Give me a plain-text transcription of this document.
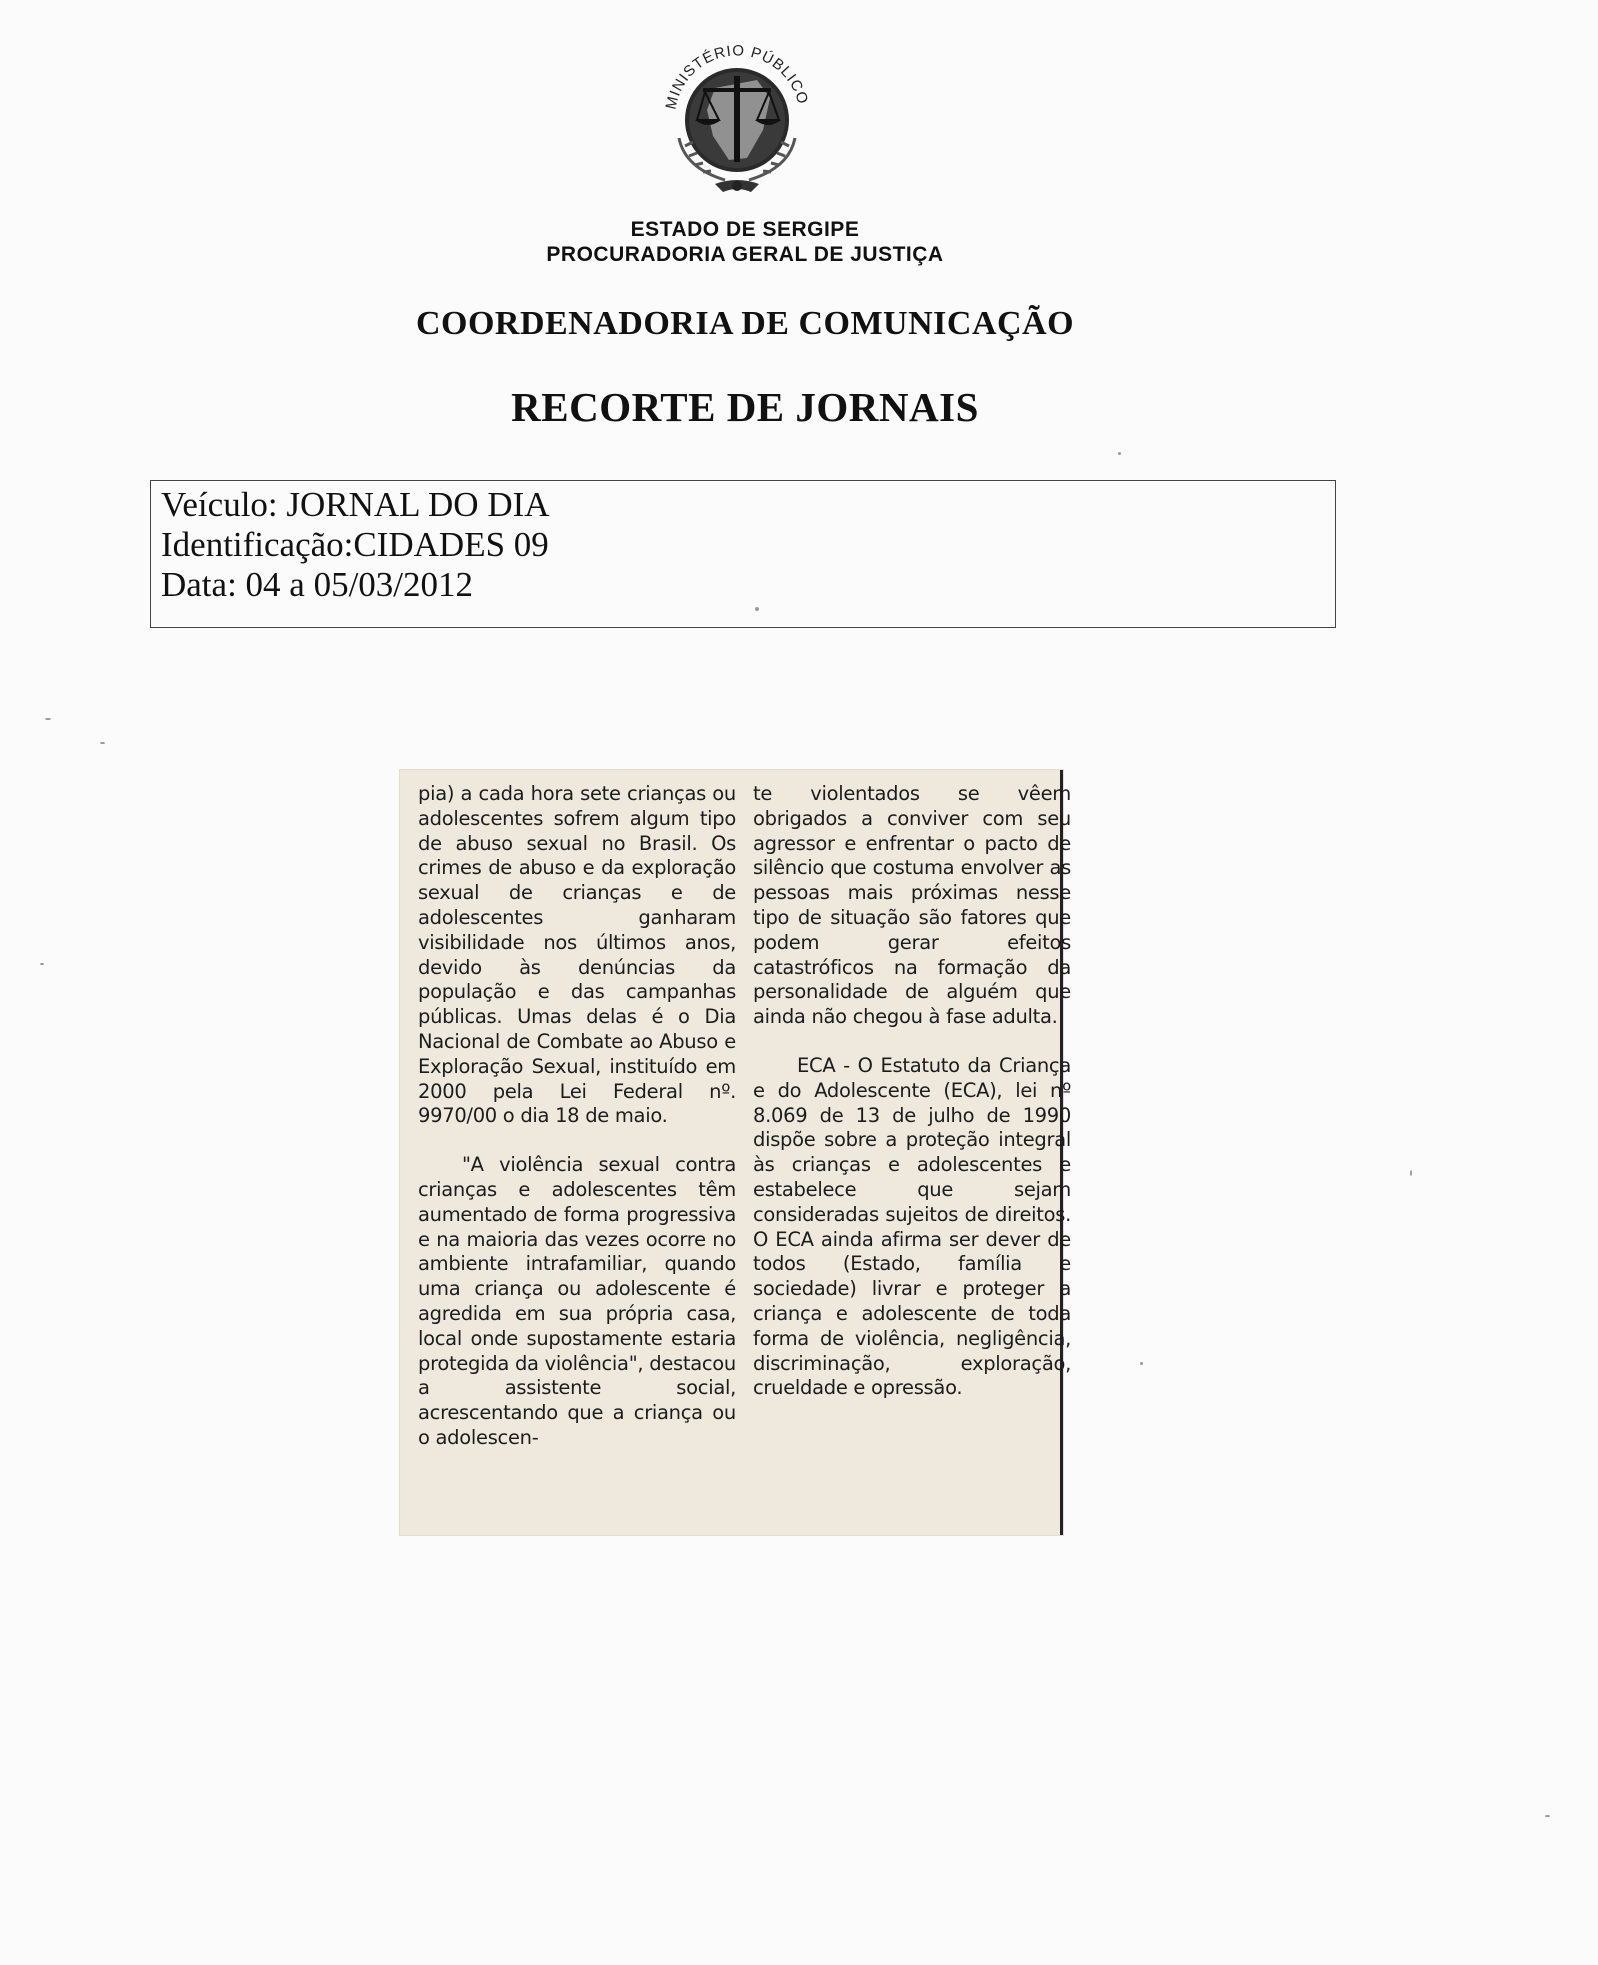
MINISTÉRIO PÚBLICO
ESTADO DE SERGIPE
PROCURADORIA GERAL DE JUSTIÇA
COORDENADORIA DE COMUNICAÇÃO
RECORTE DE JORNAIS
Veículo: JORNAL DO DIA
Identificação:CIDADES 09
Data: 04 a 05/03/2012

pia) a cada hora sete crianças ou adolescentes sofrem algum tipo de abuso sexual no Brasil. Os crimes de abuso e da exploração sexual de crianças e de adolescentes ganharam visibilidade nos últimos anos, devido às denúncias da população e das campanhas públicas. Umas delas é o Dia Nacional de Combate ao Abuso e Exploração Sexual, instituído em 2000 pela Lei Federal nº. 9970/00 o dia 18 de maio.

"A violência sexual contra crianças e adolescentes têm aumentado de forma progressiva e na maioria das vezes ocorre no ambiente intrafamiliar, quando uma criança ou adolescente é agredida em sua própria casa, local onde supostamente estaria protegida da violência", destacou a assistente social, acrescentando que a criança ou o adolescen-

te violentados se vêem obrigados a conviver com seu agressor e enfrentar o pacto de silêncio que costuma envolver as pessoas mais próximas nesse tipo de situação são fatores que podem gerar efeitos catastróficos na formação da personalidade de alguém que ainda não chegou à fase adulta.

ECA - O Estatuto da Criança e do Adolescente (ECA), lei nº 8.069 de 13 de julho de 1990 dispõe sobre a proteção integral às crianças e adolescentes e estabelece que sejam consideradas sujeitos de direitos. O ECA ainda afirma ser dever de todos (Estado, família e sociedade) livrar e proteger a criança e adolescente de toda forma de violência, negligência, discriminação, exploração, crueldade e opressão.
